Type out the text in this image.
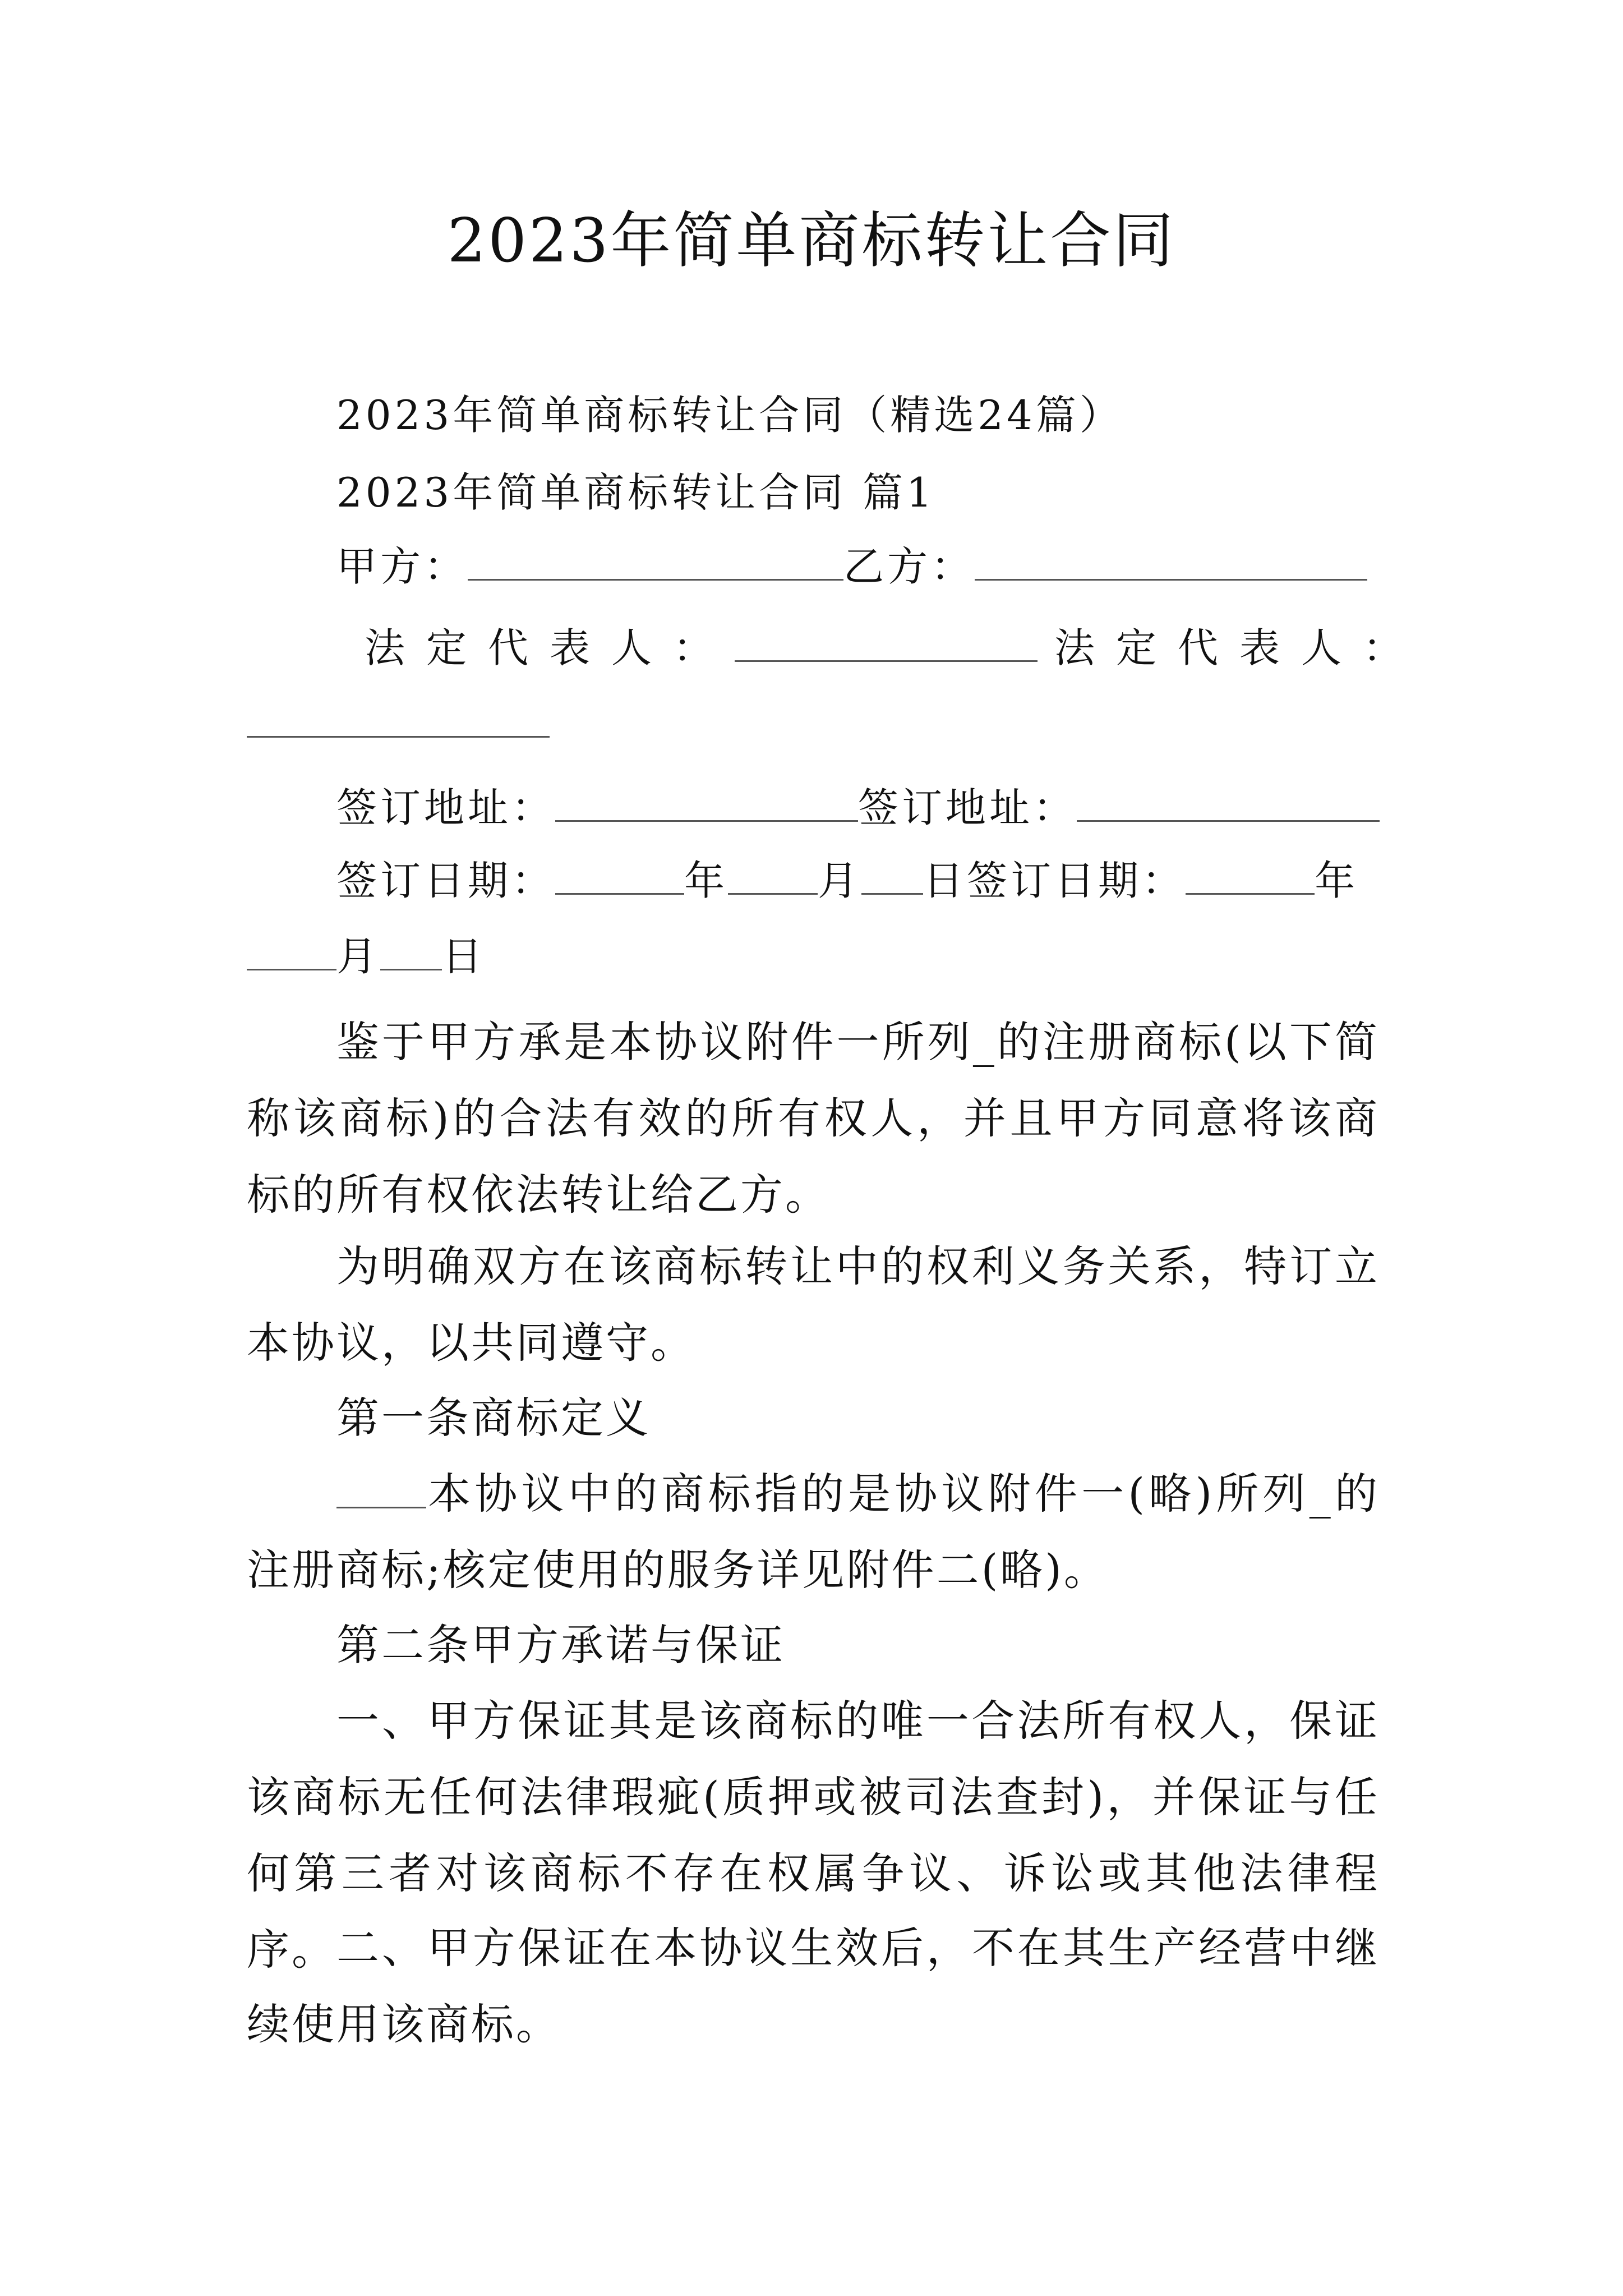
2023年简单商标转让合同
2023年简单商标转让合同（精选24篇）
2023年简单商标转让合同 篇1
甲方：	乙方：
法定代表人：	法定代表人：
签订地址：	签订地址：
签订日期：	年 月 日签订日期：	年
月 日

鉴于甲方承是本协议附件一所列_的注册商标(以下简称该商标)的合法有效的所有权人，并且甲方同意将该商标的所有权依法转让给乙方。

为明确双方在该商标转让中的权利义务关系，特订立本协议，以共同遵守。

第一条商标定义

本协议中的商标指的是协议附件一(略)所列_的注册商标;核定使用的服务详见附件二(略)。

第二条甲方承诺与保证

一、甲方保证其是该商标的唯一合法所有权人，保证该商标无任何法律瑕疵(质押或被司法查封)，并保证与任何第三者对该商标不存在权属争议、诉讼或其他法律程序。 二、甲方保证在本协议生效后，不在其生产经营中继续使用该商标。
